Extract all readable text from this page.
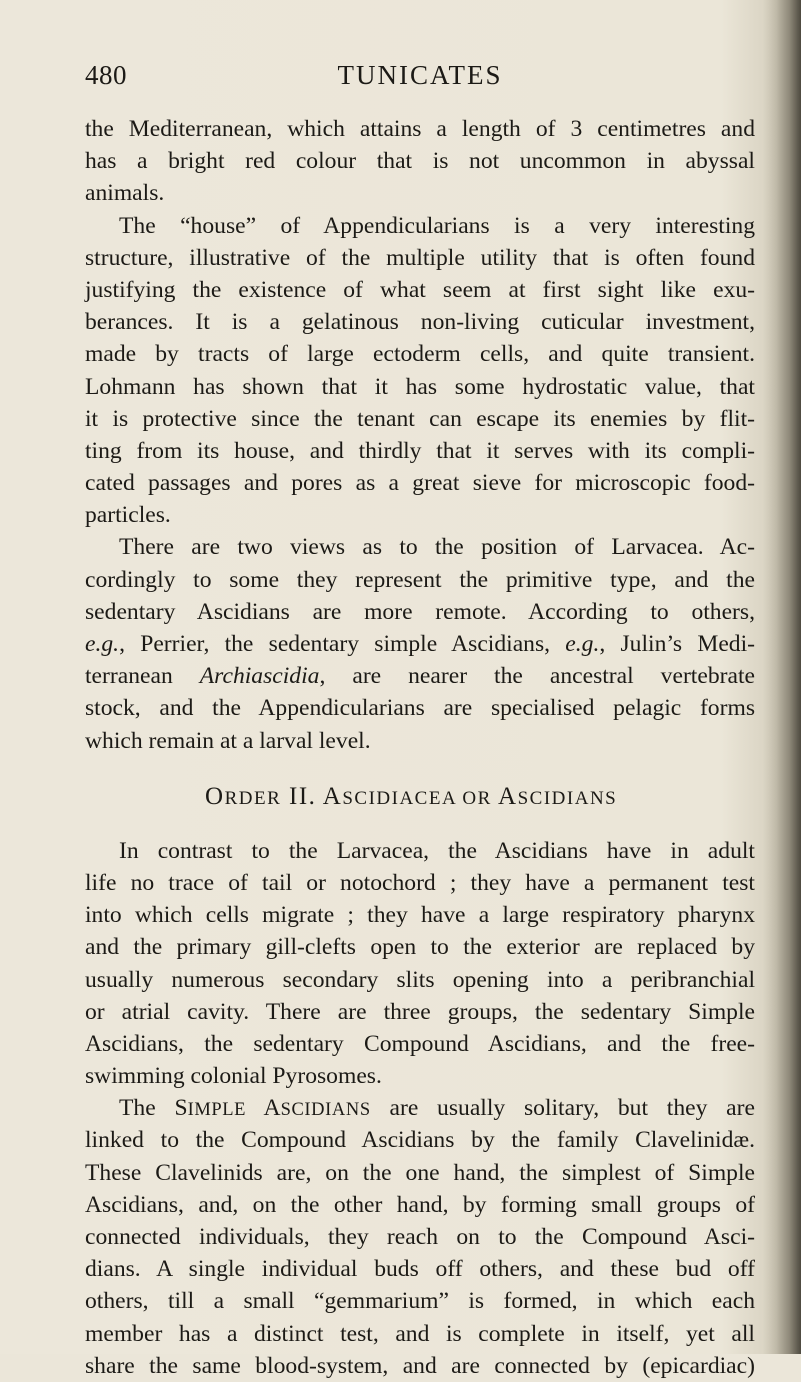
480	TUNICATES
the Mediterranean, which attains a length of 3 centimetres and
has a bright red colour that is not uncommon in abyssal
animals.
The “house” of Appendicularians is a very interesting
structure, illustrative of the multiple utility that is often found
justifying the existence of what seem at first sight like exu-
berances. It is a gelatinous non-living cuticular investment,
made by tracts of large ectoderm cells, and quite transient.
Lohmann has shown that it has some hydrostatic value, that
it is protective since the tenant can escape its enemies by flit-
ting from its house, and thirdly that it serves with its compli-
cated passages and pores as a great sieve for microscopic food-
particles.
There are two views as to the position of Larvacea. Ac-
cordingly to some they represent the primitive type, and the
sedentary Ascidians are more remote. According to others,
e.g., Perrier, the sedentary simple Ascidians, e.g., Julin’s Medi-
terranean Archiascidia, are nearer the ancestral vertebrate
stock, and the Appendicularians are specialised pelagic forms
which remain at a larval level.
ORDER II. ASCIDIACEA OR ASCIDIANS
In contrast to the Larvacea, the Ascidians have in adult
life no trace of tail or notochord ; they have a permanent test
into which cells migrate ; they have a large respiratory pharynx
and the primary gill-clefts open to the exterior are replaced by
usually numerous secondary slits opening into a peribranchial
or atrial cavity. There are three groups, the sedentary Simple
Ascidians, the sedentary Compound Ascidians, and the free-
swimming colonial Pyrosomes.
The SIMPLE ASCIDIANS are usually solitary, but they are
linked to the Compound Ascidians by the family Clavelinidæ.
These Clavelinids are, on the one hand, the simplest of Simple
Ascidians, and, on the other hand, by forming small groups of
connected individuals, they reach on to the Compound Asci-
dians. A single individual buds off others, and these bud off
others, till a small “gemmarium” is formed, in which each
member has a distinct test, and is complete in itself, yet all
share the same blood-system, and are connected by (epicardiac)
